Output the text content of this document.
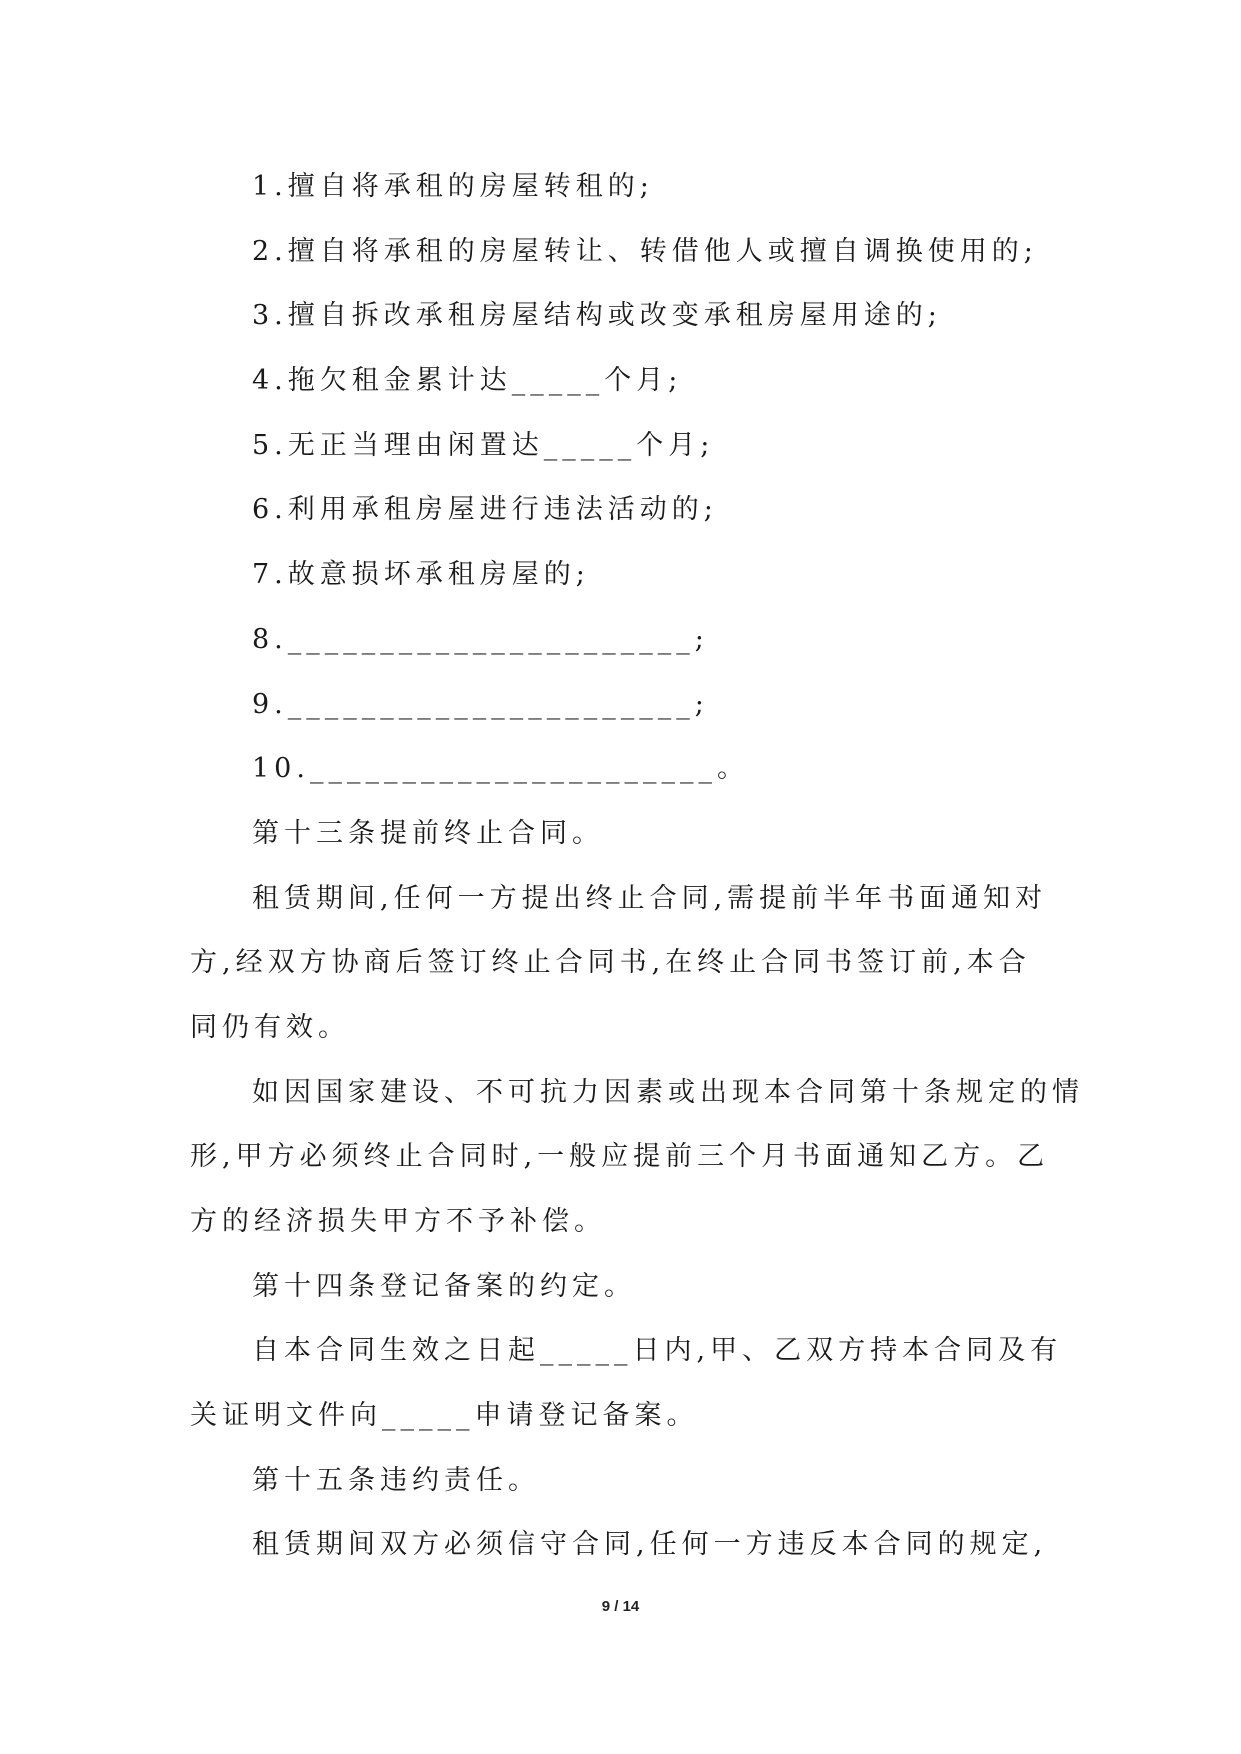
1.擅自将承租的房屋转租的;
2.擅自将承租的房屋转让、转借他人或擅自调换使用的;
3.擅自拆改承租房屋结构或改变承租房屋用途的;
4.拖欠租金累计达_____个月;
5.无正当理由闲置达_____个月;
6.利用承租房屋进行违法活动的;
7.故意损坏承租房屋的;
8.______________________;
9.______________________;
10.______________________。
第十三条提前终止合同。
租赁期间,任何一方提出终止合同,需提前半年书面通知对
方,经双方协商后签订终止合同书,在终止合同书签订前,本合
同仍有效。
如因国家建设、不可抗力因素或出现本合同第十条规定的情
形,甲方必须终止合同时,一般应提前三个月书面通知乙方。乙
方的经济损失甲方不予补偿。
第十四条登记备案的约定。
自本合同生效之日起_____日内,甲、乙双方持本合同及有
关证明文件向_____申请登记备案。
第十五条违约责任。
租赁期间双方必须信守合同,任何一方违反本合同的规定,
9 / 14
